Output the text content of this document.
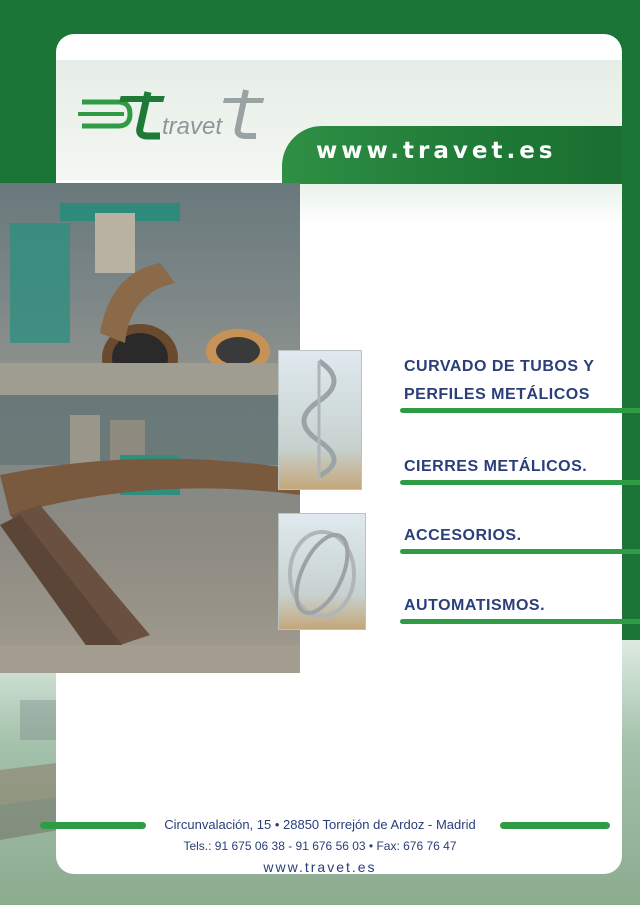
travet
www.travet.es
CURVADO DE TUBOS Y
PERFILES METÁLICOS
CIERRES METÁLICOS.
ACCESORIOS.
AUTOMATISMOS.
Circunvalación, 15 • 28850 Torrejón de Ardoz - Madrid
Tels.: 91 675 06 38 - 91 676 56 03 • Fax: 676 76 47
www.travet.es
